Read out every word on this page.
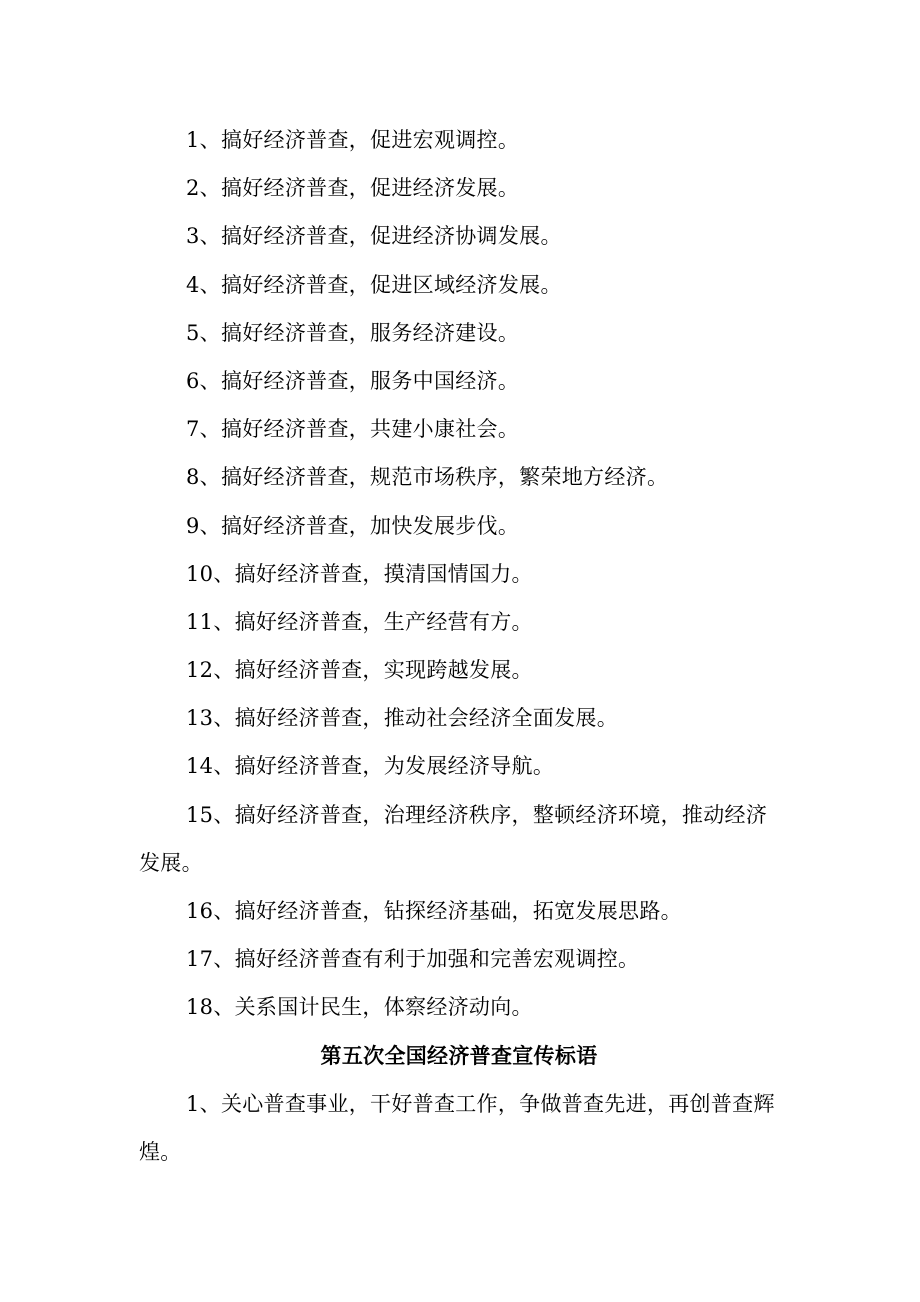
1、搞好经济普查，促进宏观调控。
2、搞好经济普查，促进经济发展。
3、搞好经济普查，促进经济协调发展。
4、搞好经济普查，促进区域经济发展。
5、搞好经济普查，服务经济建设。
6、搞好经济普查，服务中国经济。
7、搞好经济普查，共建小康社会。
8、搞好经济普查，规范市场秩序，繁荣地方经济。
9、搞好经济普查，加快发展步伐。
10、搞好经济普查，摸清国情国力。
11、搞好经济普查，生产经营有方。
12、搞好经济普查，实现跨越发展。
13、搞好经济普查，推动社会经济全面发展。
14、搞好经济普查，为发展经济导航。
15、搞好经济普查，治理经济秩序，整顿经济环境，推动经济发展。
16、搞好经济普查，钻探经济基础，拓宽发展思路。
17、搞好经济普查有利于加强和完善宏观调控。
18、关系国计民生，体察经济动向。
第五次全国经济普查宣传标语
1、关心普查事业，干好普查工作，争做普查先进，再创普查辉煌。
